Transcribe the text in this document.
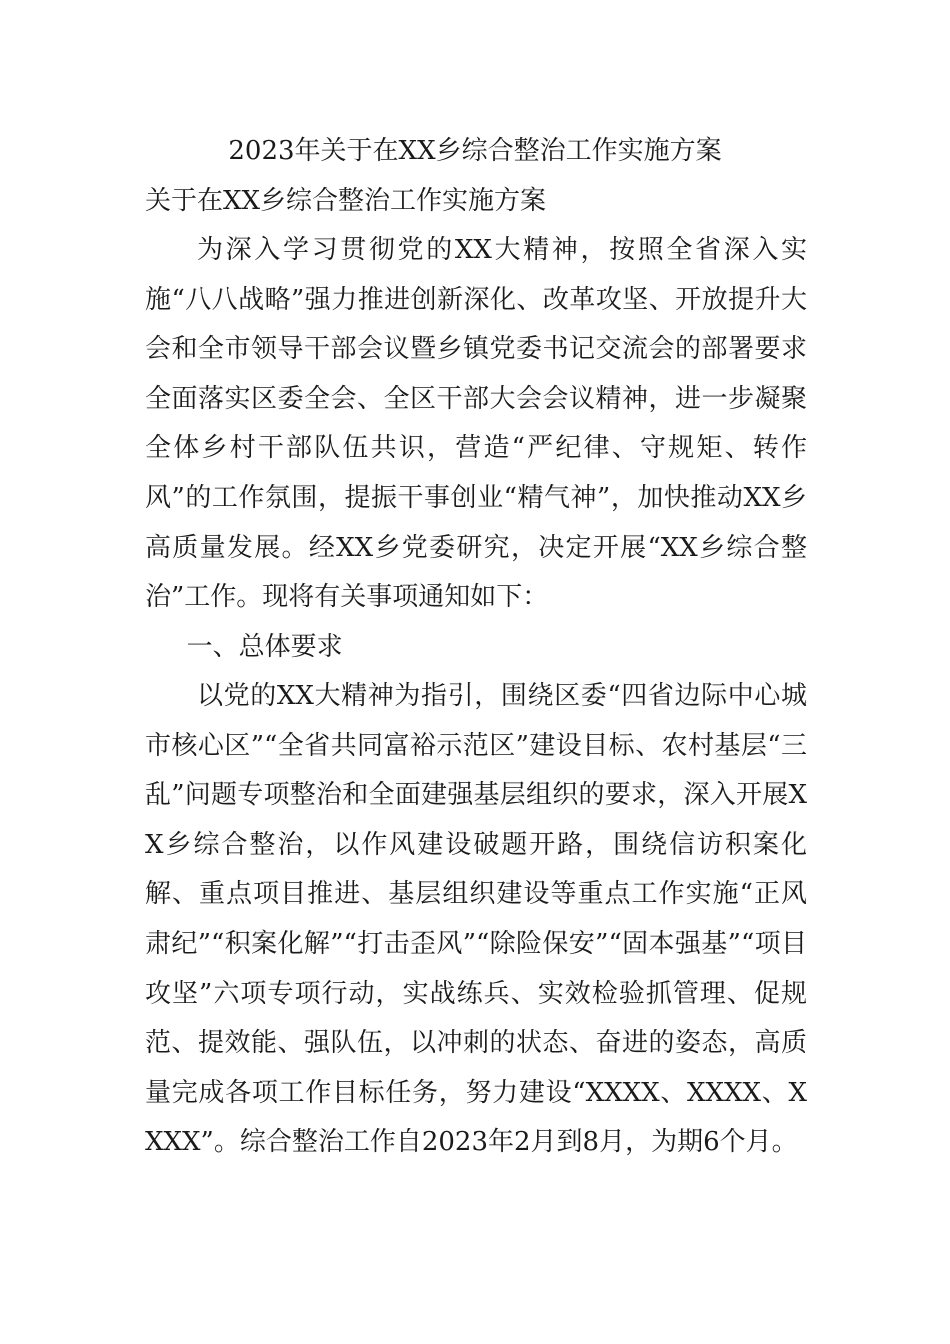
2023年关于在XX乡综合整治工作实施方案
关于在XX乡综合整治工作实施方案

为深入学习贯彻党的XX大精神，按照全省深入实施“八八战略”强力推进创新深化、改革攻坚、开放提升大会和全市领导干部会议暨乡镇党委书记交流会的部署要求全面落实区委全会、全区干部大会会议精神，进一步凝聚全体乡村干部队伍共识，营造“严纪律、守规矩、转作风”的工作氛围，提振干事创业“精气神”，加快推动XX乡高质量发展。经XX乡党委研究，决定开展“XX乡综合整治”工作。现将有关事项通知如下：

一、总体要求

以党的XX大精神为指引，围绕区委“四省边际中心城市核心区”“全省共同富裕示范区”建设目标、农村基层“三乱”问题专项整治和全面建强基层组织的要求，深入开展XX乡综合整治，以作风建设破题开路，围绕信访积案化解、重点项目推进、基层组织建设等重点工作实施“正风肃纪”“积案化解”“打击歪风”“除险保安”“固本强基”“项目攻坚”六项专项行动，实战练兵、实效检验抓管理、促规范、提效能、强队伍，以冲刺的状态、奋进的姿态，高质量完成各项工作目标任务，努力建设“XXXX、XXXX、XXXX”。综合整治工作自2023年2月到8月，为期6个月。
